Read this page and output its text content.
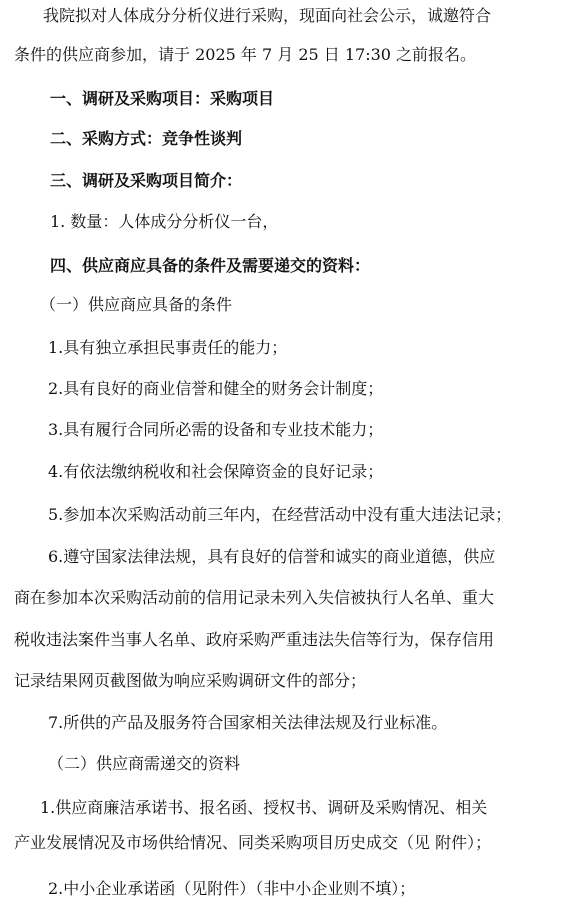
我院拟对人体成分分析仪进行采购，现面向社会公示，诚邀符合
条件的供应商参加，请于 2025 年 7 月 25 日 17:30 之前报名。
一、调研及采购项目：采购项目
二、采购方式：竞争性谈判
三、调研及采购项目简介：
1. 数量：人体成分分析仪一台，
四、供应商应具备的条件及需要递交的资料：
（一）供应商应具备的条件
1.具有独立承担民事责任的能力；
2.具有良好的商业信誉和健全的财务会计制度；
3.具有履行合同所必需的设备和专业技术能力；
4.有依法缴纳税收和社会保障资金的良好记录；
5.参加本次采购活动前三年内，在经营活动中没有重大违法记录；
6.遵守国家法律法规，具有良好的信誉和诚实的商业道德，供应
商在参加本次采购活动前的信用记录未列入失信被执行人名单、重大
税收违法案件当事人名单、政府采购严重违法失信等行为，保存信用
记录结果网页截图做为响应采购调研文件的部分；
7.所供的产品及服务符合国家相关法律法规及行业标准。
（二）供应商需递交的资料
1.供应商廉洁承诺书、报名函、授权书、调研及采购情况、相关
产业发展情况及市场供给情况、同类采购项目历史成交（见 附件）；
2.中小企业承诺函（见附件）（非中小企业则不填）；
